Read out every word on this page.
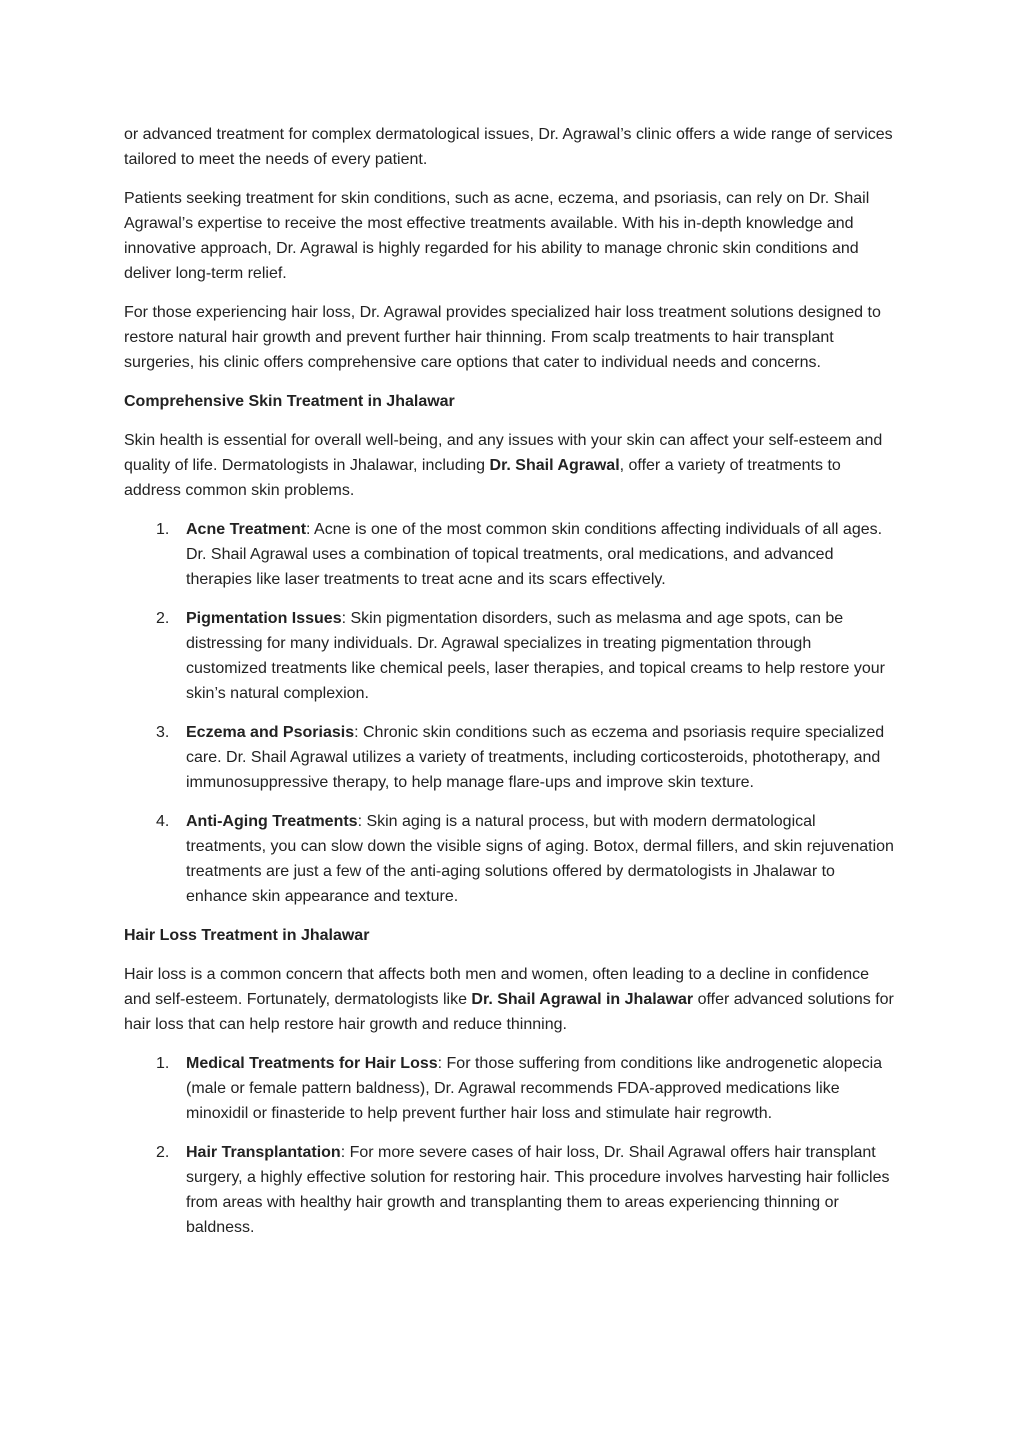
or advanced treatment for complex dermatological issues, Dr. Agrawal’s clinic offers a wide range of services tailored to meet the needs of every patient.

Patients seeking treatment for skin conditions, such as acne, eczema, and psoriasis, can rely on Dr. Shail Agrawal’s expertise to receive the most effective treatments available. With his in-depth knowledge and innovative approach, Dr. Agrawal is highly regarded for his ability to manage chronic skin conditions and deliver long-term relief.

For those experiencing hair loss, Dr. Agrawal provides specialized hair loss treatment solutions designed to restore natural hair growth and prevent further hair thinning. From scalp treatments to hair transplant surgeries, his clinic offers comprehensive care options that cater to individual needs and concerns.

Comprehensive Skin Treatment in Jhalawar

Skin health is essential for overall well-being, and any issues with your skin can affect your self-esteem and quality of life. Dermatologists in Jhalawar, including Dr. Shail Agrawal, offer a variety of treatments to address common skin problems.

1. Acne Treatment: Acne is one of the most common skin conditions affecting individuals of all ages. Dr. Shail Agrawal uses a combination of topical treatments, oral medications, and advanced therapies like laser treatments to treat acne and its scars effectively.
2. Pigmentation Issues: Skin pigmentation disorders, such as melasma and age spots, can be distressing for many individuals. Dr. Agrawal specializes in treating pigmentation through customized treatments like chemical peels, laser therapies, and topical creams to help restore your skin’s natural complexion.
3. Eczema and Psoriasis: Chronic skin conditions such as eczema and psoriasis require specialized care. Dr. Shail Agrawal utilizes a variety of treatments, including corticosteroids, phototherapy, and immunosuppressive therapy, to help manage flare-ups and improve skin texture.
4. Anti-Aging Treatments: Skin aging is a natural process, but with modern dermatological treatments, you can slow down the visible signs of aging. Botox, dermal fillers, and skin rejuvenation treatments are just a few of the anti-aging solutions offered by dermatologists in Jhalawar to enhance skin appearance and texture.
Hair Loss Treatment in Jhalawar

Hair loss is a common concern that affects both men and women, often leading to a decline in confidence and self-esteem. Fortunately, dermatologists like Dr. Shail Agrawal in Jhalawar offer advanced solutions for hair loss that can help restore hair growth and reduce thinning.

1. Medical Treatments for Hair Loss: For those suffering from conditions like androgenetic alopecia (male or female pattern baldness), Dr. Agrawal recommends FDA-approved medications like minoxidil or finasteride to help prevent further hair loss and stimulate hair regrowth.
2. Hair Transplantation: For more severe cases of hair loss, Dr. Shail Agrawal offers hair transplant surgery, a highly effective solution for restoring hair. This procedure involves harvesting hair follicles from areas with healthy hair growth and transplanting them to areas experiencing thinning or baldness.
